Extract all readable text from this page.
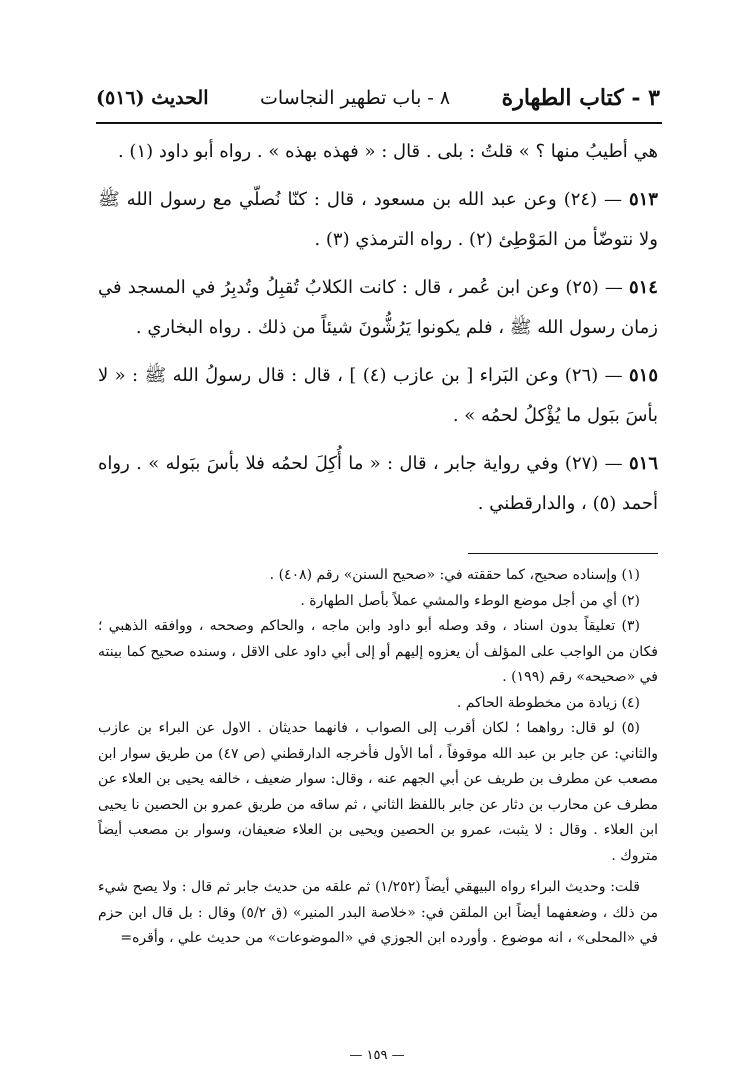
٣ - كتاب الطهارة
٨ - باب تطهير النجاسات
الحديث (٥١٦)

هي أطيبُ منها ؟ » قلتُ : بلى . قال : « فهذه بهذه » . رواه أبو داود (١) .

٥١٣ — (٢٤) وعن عبد الله بن مسعود ، قال : كنّا نُصلّي مع رسول الله ﷺ ولا نتوضّأ من المَوْطِئ (٢) . رواه الترمذي (٣) .

٥١٤ — (٢٥) وعن ابن عُمر ، قال : كانت الكلابُ تُقبِلُ وتُدبِرُ في المسجد في زمان رسول الله ﷺ ، فلم يكونوا يَرُشُّونَ شيئاً من ذلك . رواه البخاري .

٥١٥ — (٢٦) وعن البَراء [ بن عازب (٤) ] ، قال : قال رسولُ الله ﷺ : « لا بأسَ ببَول ما يُؤْكلُ لحمُه » .

٥١٦ — (٢٧) وفي رواية جابر ، قال : « ما أُكِلَ لحمُه فلا بأسَ ببَوله » . رواه أحمد (٥) ، والدارقطني .

(١) وإسناده صحيح، كما حققته في: «صحيح السنن» رقم (٤٠٨) .

(٢) أي من أجل موضع الوطء والمشي عملاً بأصل الطهارة .

(٣) تعليقاً بدون اسناد ، وقد وصله أبو داود وابن ماجه ، والحاكم وصححه ، ووافقه الذهبي ؛ فكان من الواجب على المؤلف أن يعزوه إليهم أو إلى أبي داود على الاقل ، وسنده صحيح كما بينته في «صحيحه» رقم (١٩٩) .

(٤) زيادة من مخطوطة الحاكم .

(٥) لو قال: رواهما ؛ لكان أقرب إلى الصواب ، فانهما حديثان . الاول عن البراء بن عازب والثاني: عن جابر بن عبد الله موقوفاً ، أما الأول فأخرجه الدارقطني (ص ٤٧) من طريق سوار ابن مصعب عن مطرف بن طريف عن أبي الجهم عنه ، وقال: سوار ضعيف ، خالفه يحيى بن العلاء عن مطرف عن محارب بن دثار عن جابر باللفظ الثاني ، ثم ساقه من طريق عمرو بن الحصين نا يحيى ابن العلاء . وقال : لا يثبت، عمرو بن الحصين ويحيى بن العلاء ضعيفان، وسوار بن مصعب أيضاً متروك .

قلت: وحديث البراء رواه البيهقي أيضاً (١/٢٥٢) ثم علقه من حديث جابر ثم قال : ولا يصح شيء من ذلك ، وضعفهما أيضاً ابن الملقن في: «خلاصة البدر المنير» (ق ٥/٢) وقال : بل قال ابن حزم في «المحلى» ، انه موضوع . وأورده ابن الجوزي في «الموضوعات» من حديث علي ، وأقره=

— ١٥٩ —
